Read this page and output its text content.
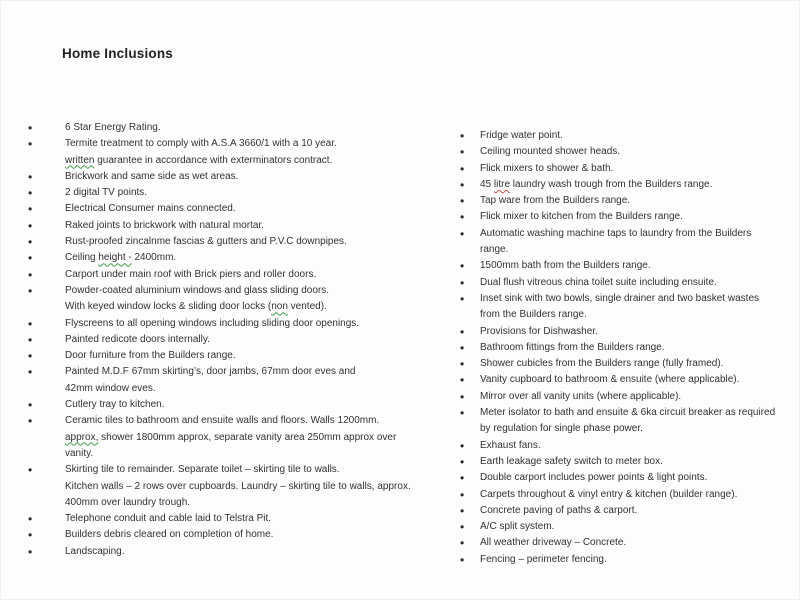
Home Inclusions
•	6 Star Energy Rating.
•	Termite treatment to comply with A.S.A 3660/1 with a 10 year.
written guarantee in accordance with exterminators contract.
•	Brickwork and same side as wet areas.
•	2 digital TV points.
•	Electrical Consumer mains connected.
•	Raked joints to brickwork with natural mortar.
•	Rust-proofed zincalnme fascias & gutters and P.V.C downpipes.
•	Ceiling height - 2400mm.
•	Carport under main roof with Brick piers and roller doors.
•	Powder-coated aluminium windows and glass sliding doors.
With keyed window locks & sliding door locks (non vented).
•	Flyscreens to all opening windows including sliding door openings.
•	Painted redicote doors internally.
•	Door furniture from the Builders range.
•	Painted M.D.F 67mm skirting’s, door jambs, 67mm door eves and
42mm window eves.
•	Cutlery tray to kitchen.
•	Ceramic tiles to bathroom and ensuite walls and floors. Walls 1200mm.
approx, shower 1800mm approx, separate vanity area 250mm approx over
vanity.
•	Skirting tile to remainder. Separate toilet – skirting tile to walls.
Kitchen walls – 2 rows over cupboards. Laundry – skirting tile to walls, approx.
400mm over laundry trough.
•	Telephone conduit and cable laid to Telstra Pit.
•	Builders debris cleared on completion of home.
•	Landscaping.
•	Fridge water point.
•	Ceiling mounted shower heads.
•	Flick mixers to shower & bath.
•	45 litre laundry wash trough from the Builders range.
•	Tap ware from the Builders range.
•	Flick mixer to kitchen from the Builders range.
•	Automatic washing machine taps to laundry from the Builders
range.
•	1500mm bath from the Builders range.
•	Dual flush vitreous china toilet suite including ensuite.
•	Inset sink with two bowls, single drainer and two basket wastes
from the Builders range.
•	Provisions for Dishwasher.
•	Bathroom fittings from the Builders range.
•	Shower cubicles from the Builders range (fully framed).
•	Vanity cupboard to bathroom & ensuite (where applicable).
•	Mirror over all vanity units (where applicable).
•	Meter isolator to bath and ensuite & 6ka circuit breaker as required
by regulation for single phase power.
•	Exhaust fans.
•	Earth leakage safety switch to meter box.
•	Double carport includes power points & light points.
•	Carpets throughout & vinyl entry & kitchen (builder range).
•	Concrete paving of paths & carport.
•	A/C split system.
•	All weather driveway – Concrete.
•	Fencing – perimeter fencing.
